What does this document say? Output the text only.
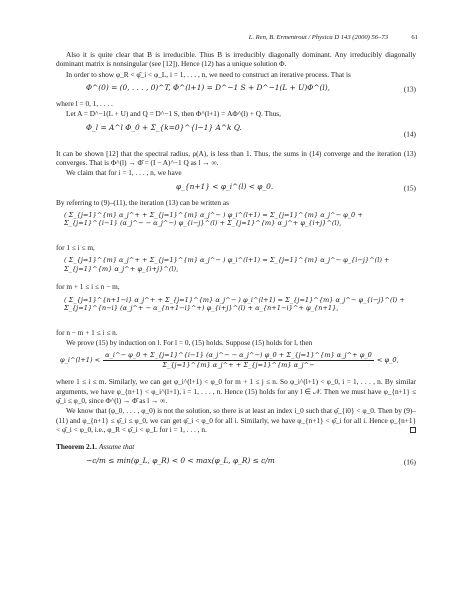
L. Ren, B. Ermentrout / Physica D 143 (2000) 56–73	61

Also it is quite clear that B is irreducible. Thus B is irreducibly diagonally dominant. Any irreducibly diagonally dominant matrix is nonsingular (see [12]). Hence (12) has a unique solution Φ.

In order to show φ_R < φ̂_i < φ_L, i = 1, . . . , n, we need to construct an iterative process. That is

Φ^(0) = (0, . . . , 0)^T, Φ^(l+1) = D^−1 S + D^−1(L + U)Φ^(l),	(13)

where l = 0, 1, . . . .

Let A = D^−1(L + U) and Q = D^−1 S, then Φ^(l+1) = AΦ^(l) + Q. Thus,

Φ_l = A^l Φ_0 + Σ_{k=0}^{l−1} A^k Q.
(14)

It can be shown [12] that the spectral radius, ρ(A), is less than 1. Thus, the sums in (14) converge and the iteration (13) converges. That is Φ^(l) → Φ̂ = (I − A)^−1 Q as l → ∞.

We claim that for i = 1, . . . , n, we have

φ_{n+1} < φ_i^(l) < φ_0.	(15)

By referring to (9)–(11), the iteration (13) can be written as

( Σ_{j=1}^{m} α_j^+ + Σ_{j=1}^{m} α_j^− ) φ_i^(l+1) = Σ_{j=1}^{m} α_j^− φ_0 + Σ_{j=1}^{i−1} (α_j^− − α_j^−) φ_{i−j}^(l) + Σ_{j=1}^{m} α_j^+ φ_{i+j}^(l),

for 1 ≤ i ≤ m,

( Σ_{j=1}^{m} α_j^+ + Σ_{j=1}^{m} α_j^− ) φ_i^(l+1) = Σ_{j=1}^{m} α_j^− φ_{i−j}^(l) + Σ_{j=1}^{m} α_j^+ φ_{i+j}^(l),

for m + 1 ≤ i ≤ n − m,

( Σ_{j=1}^{n+1−i} α_j^+ + Σ_{j=1}^{m} α_j^− ) φ_i^(l+1) = Σ_{j=1}^{m} α_j^− φ_{i−j}^(l) + Σ_{j=1}^{n−i} (α_j^+ − α_{n+1−i}^+) φ_{i+j}^(l) + α_{n+1−i}^+ φ_{n+1},

for n − m + 1 ≤ i ≤ n.

We prove (15) by induction on l. For l = 0, (15) holds. Suppose (15) holds for l, then

φ_i^(l+1) <
α_i^− φ_0 + Σ_{j=1}^{i−1} (α_j^− − α_j^−) φ_0 + Σ_{j=1}^{m} α_j^+ φ_0
Σ_{j=1}^{m} α_j^+ + Σ_{j=1}^{m} α_j^−
< φ_0,

where 1 ≤ i ≤ m. Similarly, we can get φ_i^(l+1) < φ_0 for m + 1 ≤ j ≤ n. So φ_i^(l+1) < φ_0, i = 1, . . . , n. By similar arguments, we have φ_{n+1} < φ_i^(l+1), i = 1, . . . , n. Hence (15) holds for any l ∈ 𝒩. Then we must have φ_{n+1} ≤ φ̂_i ≤ φ_0, since Φ^(l) → Φ̂ as l → ∞.

We know that (φ_0, . . . , φ_0) is not the solution, so there is at least an index i_0 such that φ̂_{i0} < φ_0. Then by (9)–(11) and φ_{n+1} ≤ φ̂_i ≤ φ_0, we can get φ̂_i < φ_0 for all i. Similarly, we have φ_{n+1} < φ̂_i for all i. Hence φ_{n+1} < φ̂_i < φ_0, i.e., φ_R < φ̂_i < φ_L for i = 1, . . . , n.

Theorem 2.1. Assume that

−c/m ≤ min(φ_L, φ_R) < 0 < max(φ_L, φ_R) ≤ c/m	(16)
